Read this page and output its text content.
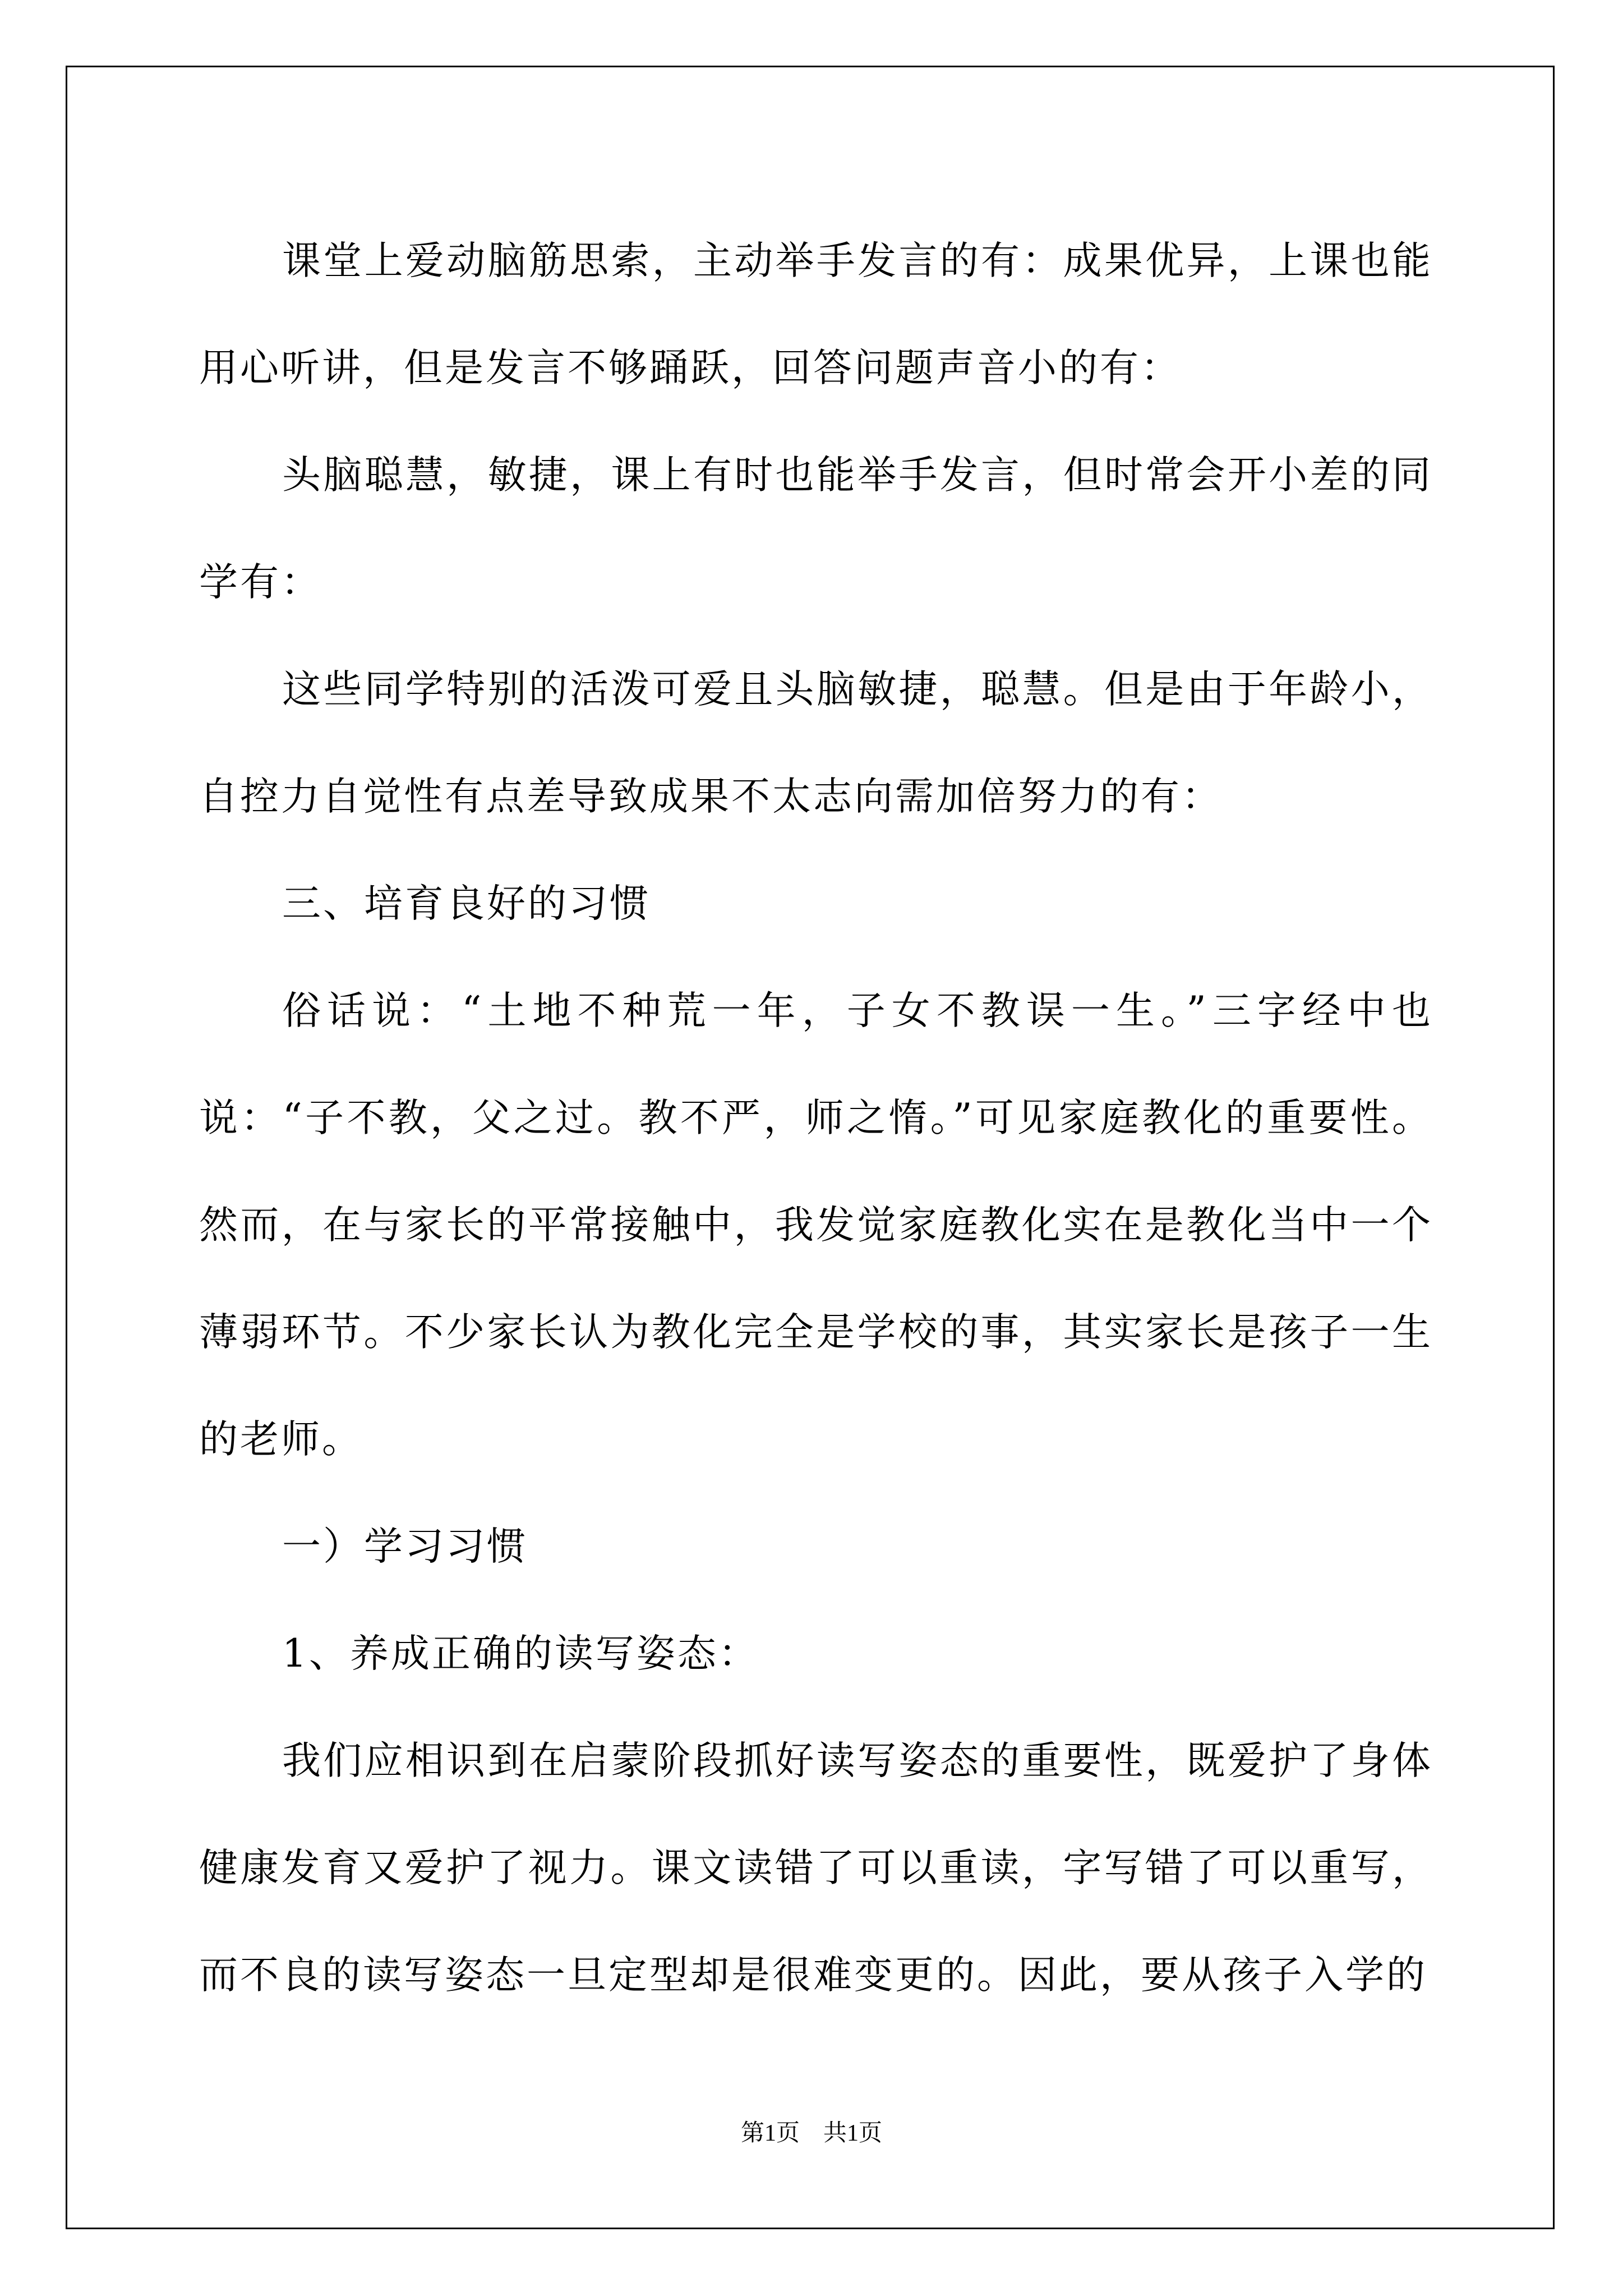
课堂上爱动脑筋思索，主动举手发言的有：成果优异，上课也能用心听讲，但是发言不够踊跃，回答问题声音小的有：

头脑聪慧，敏捷，课上有时也能举手发言，但时常会开小差的同学有：

这些同学特别的活泼可爱且头脑敏捷，聪慧。但是由于年龄小，自控力自觉性有点差导致成果不太志向需加倍努力的有：

三、培育良好的习惯

俗话说：“土地不种荒一年，子女不教误一生。”三字经中也说：“子不教，父之过。教不严，师之惰。”可见家庭教化的重要性。然而，在与家长的平常接触中，我发觉家庭教化实在是教化当中一个薄弱环节。不少家长认为教化完全是学校的事，其实家长是孩子一生的老师。

一）学习习惯

1、养成正确的读写姿态：

我们应相识到在启蒙阶段抓好读写姿态的重要性，既爱护了身体健康发育又爱护了视力。课文读错了可以重读，字写错了可以重写，而不良的读写姿态一旦定型却是很难变更的。因此，要从孩子入学的

第1页　共1页
